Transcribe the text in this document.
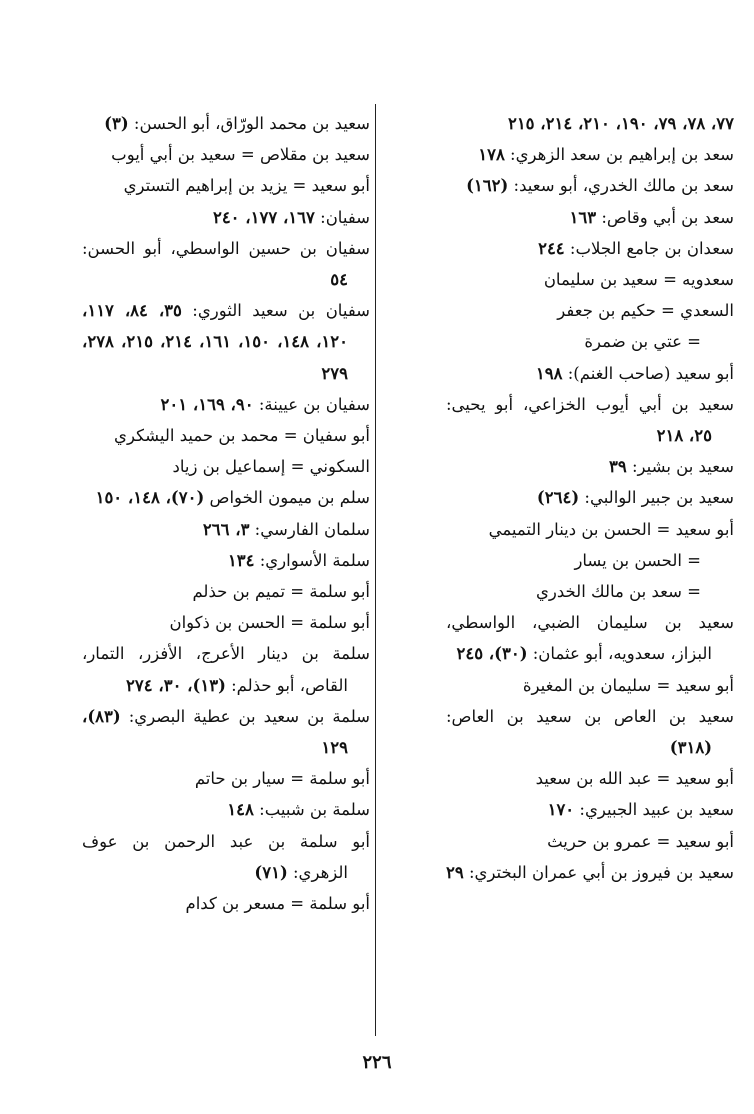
٧٧، ٧٨، ٧٩، ١٩٠، ٢١٠، ٢١٤، ٢١٥

سعد بن إبراهيم بن سعد الزهري: ١٧٨

سعد بن مالك الخدري، أبو سعيد: (١٦٢)

سعد بن أبي وقاص: ١٦٣

سعدان بن جامع الجلاب: ٢٤٤

سعدويه = سعيد بن سليمان

السعدي = حكيم بن جعفر

= عتي بن ضمرة

أبو سعيد (صاحب الغنم): ١٩٨

سعيد بن أبي أيوب الخزاعي، أبو يحيى: ٢٥، ٢١٨

سعيد بن بشير: ٣٩

سعيد بن جبير الوالبي: (٢٦٤)

أبو سعيد = الحسن بن دينار التميمي

= الحسن بن يسار

= سعد بن مالك الخدري

سعيد بن سليمان الضبي، الواسطي، البزاز، سعدويه، أبو عثمان: (٣٠)، ٢٤٥

أبو سعيد = سليمان بن المغيرة

سعيد بن العاص بن سعيد بن العاص: (٣١٨)

أبو سعيد = عبد الله بن سعيد

سعيد بن عبيد الجبيري: ١٧٠

أبو سعيد = عمرو بن حريث

سعيد بن فيروز بن أبي عمران البختري: ٢٩

سعيد بن محمد الورّاق، أبو الحسن: (٣)

سعيد بن مقلاص = سعيد بن أبي أيوب

أبو سعيد = يزيد بن إبراهيم التستري

سفيان: ١٦٧، ١٧٧، ٢٤٠

سفيان بن حسين الواسطي، أبو الحسن: ٥٤

سفيان بن سعيد الثوري: ٣٥، ٨٤، ١١٧، ١٢٠، ١٤٨، ١٥٠، ١٦١، ٢١٤، ٢١٥، ٢٧٨، ٢٧٩

سفيان بن عيينة: ٩٠، ١٦٩، ٢٠١

أبو سفيان = محمد بن حميد اليشكري

السكوني = إسماعيل بن زياد

سلم بن ميمون الخواص (٧٠)، ١٤٨، ١٥٠

سلمان الفارسي: ٣، ٢٦٦

سلمة الأسواري: ١٣٤

أبو سلمة = تميم بن حذلم

أبو سلمة = الحسن بن ذكوان

سلمة بن دينار الأعرج، الأفزر، التمار، القاص، أبو حذلم: (١٣)، ٣٠، ٢٧٤

سلمة بن سعيد بن عطية البصري: (٨٣)، ١٢٩

أبو سلمة = سيار بن حاتم

سلمة بن شبيب: ١٤٨

أبو سلمة بن عبد الرحمن بن عوف الزهري: (٧١)

أبو سلمة = مسعر بن كدام

٢٢٦
